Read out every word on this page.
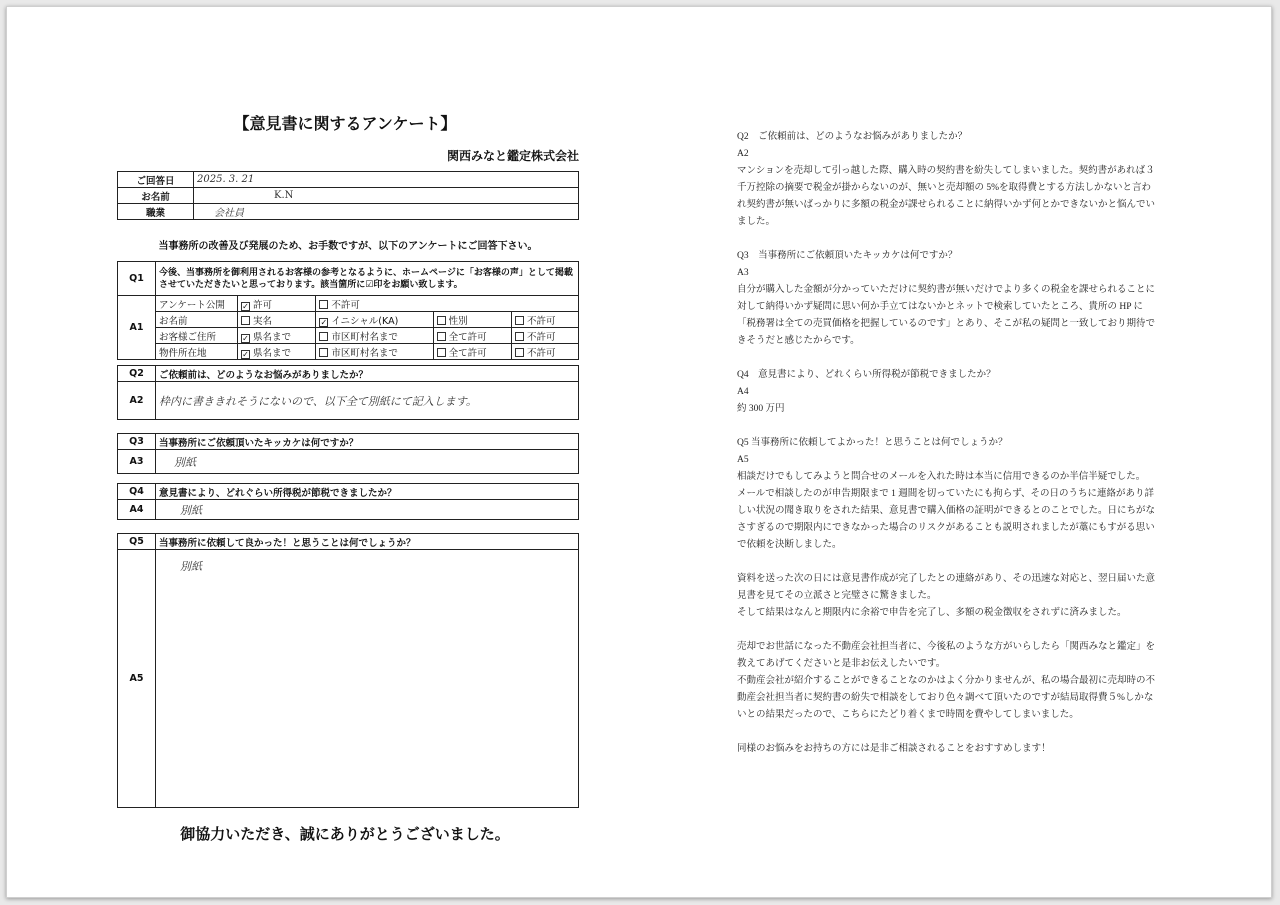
【意見書に関するアンケート】
関西みなと鑑定株式会社
ご回答日	2025. 3. 21
お名前	K.N
職業	会社員
当事務所の改善及び発展のため、お手数ですが、以下のアンケートにご回答下さい。
Q1	今後、当事務所を御利用されるお客様の参考となるように、ホームページに「お客様の声」として掲載させていただきたいと思っております。該当箇所に☑印をお願い致します。				
A1	アンケート公開	✓ 許可	不許可		
	お名前	実名	✓ イニシャル(KA)	性別	不許可
	お客様ご住所	✓ 県名まで	市区町村名まで	全て許可	不許可
	物件所在地	✓ 県名まで	市区町村名まで	全て許可	不許可
Q2	ご依頼前は、どのようなお悩みがありましたか？
A2	枠内に書ききれそうにないので、以下全て別紙にて記入します。
Q3	当事務所にご依頼頂いたキッカケは何ですか？
A3	別紙
Q4	意見書により、どれぐらい所得税が節税できましたか？
A4	別紙
Q5	当事務所に依頼して良かった！と思うことは何でしょうか？
A5	別紙
御協力いただき、誠にありがとうございました。

Q2　ご依頼前は、どのようなお悩みがありましたか？

A2

マンションを売却して引っ越した際、購入時の契約書を紛失してしまいました。契約書があれば３千万控除の摘要で税金が掛からないのが、無いと売却額の 5%を取得費とする方法しかないと言われ契約書が無いばっかりに多額の税金が課せられることに納得いかず何とかできないかと悩んでいました。

Q3　当事務所にご依頼頂いたキッカケは何ですか？

A3

自分が購入した金額が分かっていただけに契約書が無いだけでより多くの税金を課せられることに対して納得いかず疑問に思い何か手立てはないかとネットで検索していたところ、貴所の HP に「税務署は全ての売買価格を把握しているのです」とあり、そこが私の疑問と一致しており期待できそうだと感じたからです。

Q4　意見書により、どれくらい所得税が節税できましたか？

A4

約 300 万円

Q5 当事務所に依頼してよかった！と思うことは何でしょうか？

A5

相談だけでもしてみようと問合せのメールを入れた時は本当に信用できるのか半信半疑でした。

メールで相談したのが申告期限まで 1 週間を切っていたにも拘らず、その日のうちに連絡があり詳しい状況の聞き取りをされた結果、意見書で購入価格の証明ができるとのことでした。日にちがなさすぎるので期限内にできなかった場合のリスクがあることも説明されましたが藁にもすがる思いで依頼を決断しました。

資料を送った次の日には意見書作成が完了したとの連絡があり、その迅速な対応と、翌日届いた意見書を見てその立派さと完璧さに驚きました。

そして結果はなんと期限内に余裕で申告を完了し、多額の税金徴収をされずに済みました。

売却でお世話になった不動産会社担当者に、今後私のような方がいらしたら「関西みなと鑑定」を教えてあげてくださいと是非お伝えしたいです。

不動産会社が紹介することができることなのかはよく分かりませんが、私の場合最初に売却時の不動産会社担当者に契約書の紛失で相談をしており色々調べて頂いたのですが結局取得費５%しかないとの結果だったので、こちらにたどり着くまで時間を費やしてしまいました。

同様のお悩みをお持ちの方には是非ご相談されることをおすすめします！
